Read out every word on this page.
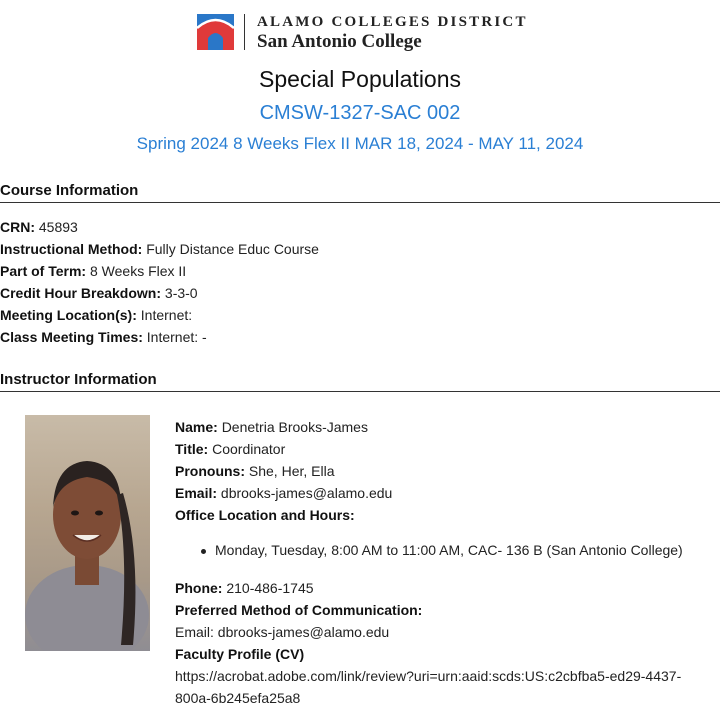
ALAMO COLLEGES DISTRICT
San Antonio College
Special Populations
CMSW-1327-SAC 002
Spring 2024 8 Weeks Flex II MAR 18, 2024 - MAY 11, 2024
Course Information
CRN: 45893
Instructional Method: Fully Distance Educ Course
Part of Term: 8 Weeks Flex II
Credit Hour Breakdown: 3-3-0
Meeting Location(s): Internet:
Class Meeting Times: Internet: -
Instructor Information
Name: Denetria Brooks-James
Title: Coordinator
Pronouns: She, Her, Ella
Email: dbrooks-james@alamo.edu
Office Location and Hours:
Monday, Tuesday, 8:00 AM to 11:00 AM, CAC- 136 B (San Antonio College)
Phone: 210-486-1745
Preferred Method of Communication:
Email: dbrooks-james@alamo.edu
Faculty Profile (CV)
https://acrobat.adobe.com/link/review?uri=urn:aaid:scds:US:c2cbfba5-ed29-4437-
800a-6b245efa25a8
